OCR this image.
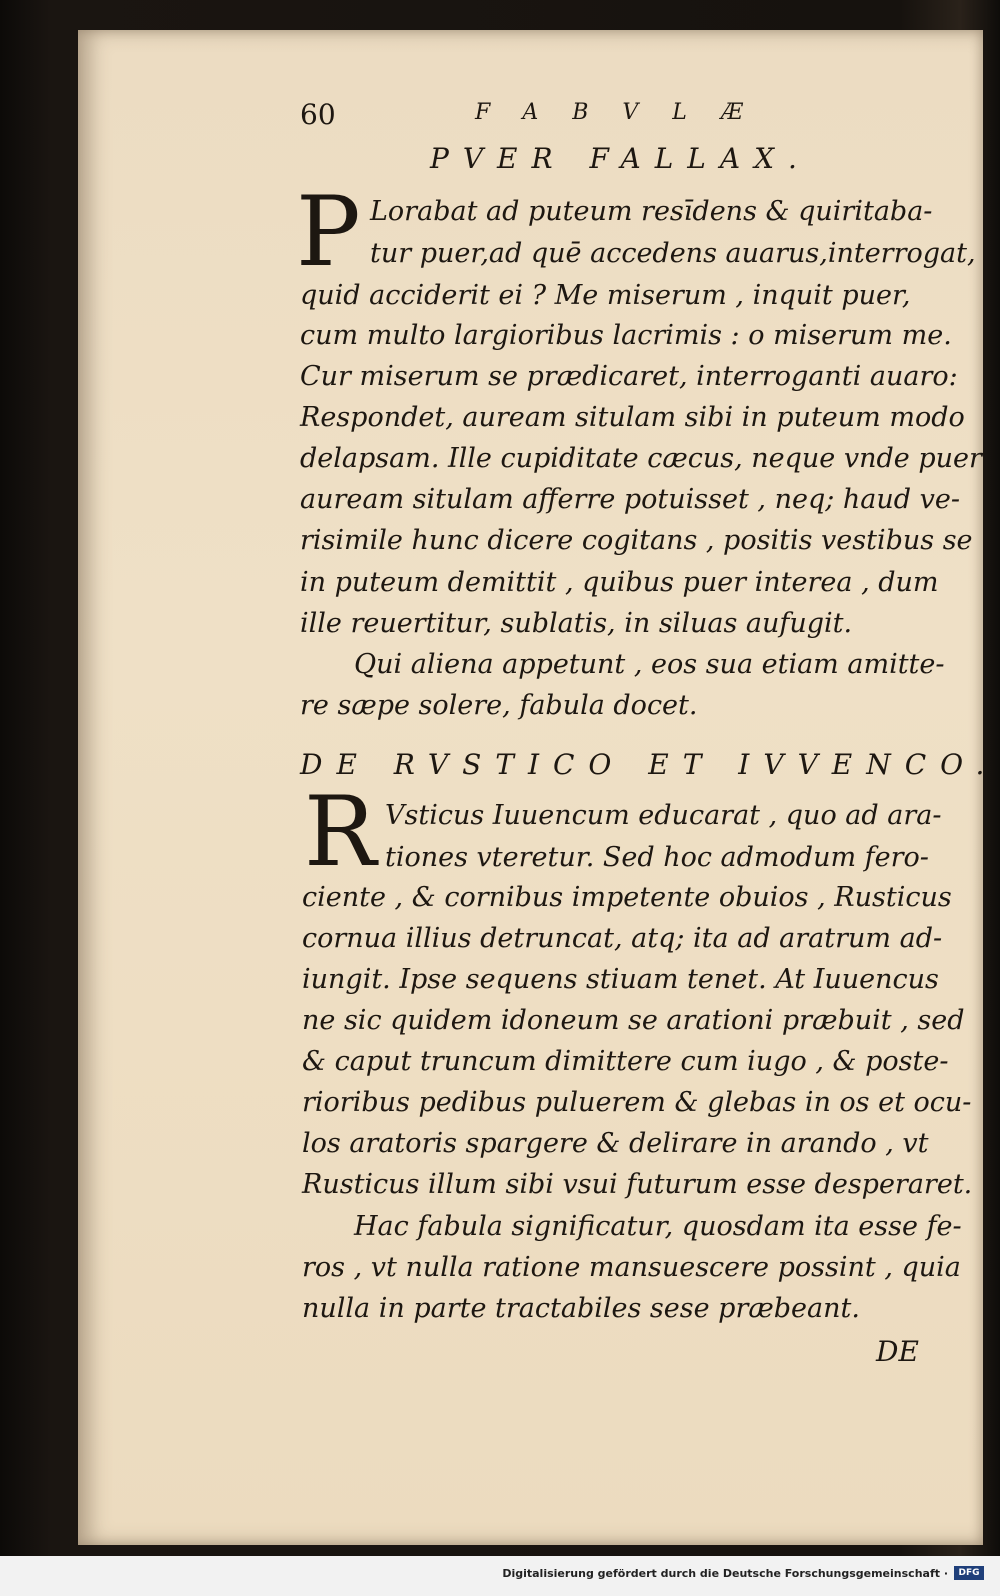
60	FABVLÆ
PVER FALLAX.
P Lorabat ad puteum resīdens & quiritaba-
tur puer,ad quē accedens auarus,interrogat,
quid acciderit ei ? Me miserum , inquit puer,
cum multo largioribus lacrimis : o miserum me.
Cur miserum se prædicaret, interroganti auaro:
Respondet, auream situlam sibi in puteum modo
delapsam. Ille cupiditate cæcus, neque vnde puer
auream situlam afferre potuisset , neq; haud ve-
risimile hunc dicere cogitans , positis vestibus se
in puteum demittit , quibus puer interea , dum
ille reuertitur, sublatis, in siluas aufugit.
Qui aliena appetunt , eos sua etiam amitte-
re sæpe solere, fabula docet.
DE RVSTICO ET IVVENCO.
R Vsticus Iuuencum educarat , quo ad ara-
tiones vteretur. Sed hoc admodum fero-
ciente , & cornibus impetente obuios , Rusticus
cornua illius detruncat, atq; ita ad aratrum ad-
iungit. Ipse sequens stiuam tenet. At Iuuencus
ne sic quidem idoneum se arationi præbuit , sed
& caput truncum dimittere cum iugo , & poste-
rioribus pedibus puluerem & glebas in os et ocu-
los aratoris spargere & delirare in arando , vt
Rusticus illum sibi vsui futurum esse desperaret.
Hac fabula significatur, quosdam ita esse fe-
ros , vt nulla ratione mansuescere possint , quia
nulla in parte tractabiles sese præbeant.
DE
Digitalisierung gefördert durch die Deutsche Forschungsgemeinschaft ·	DFG
